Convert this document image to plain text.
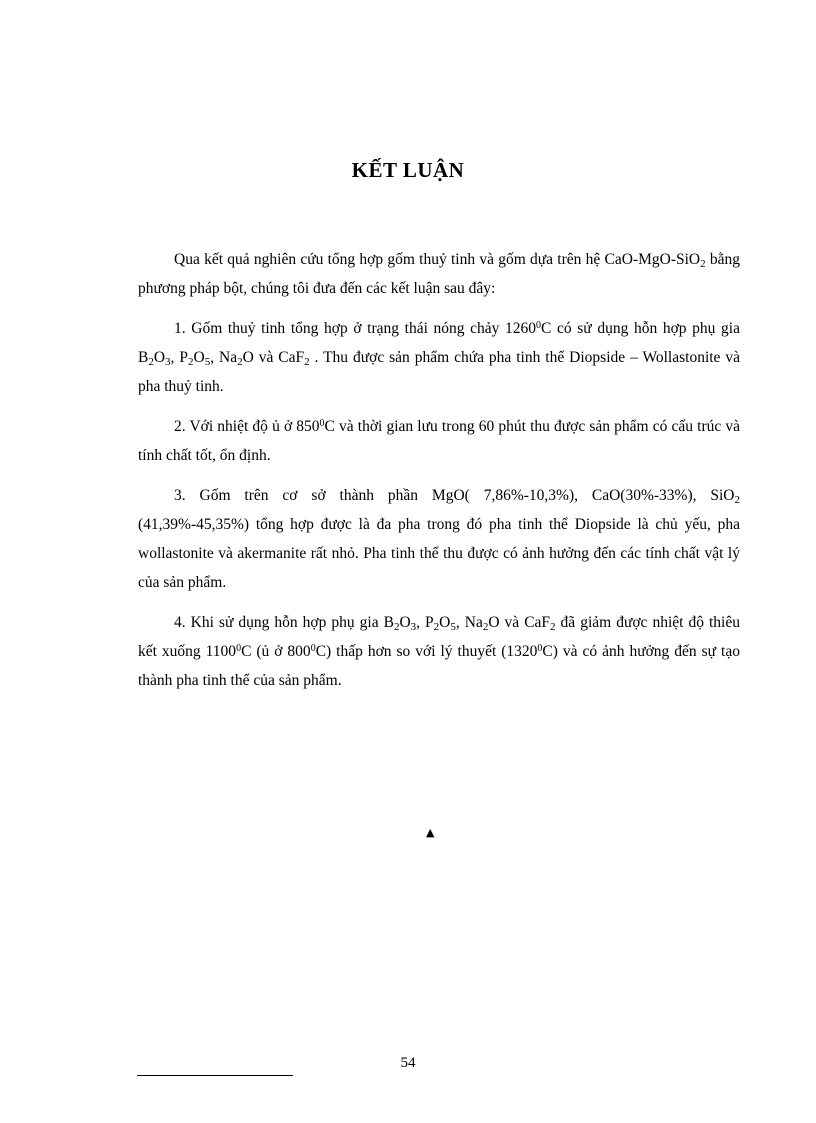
KẾT LUẬN

Qua kết quả nghiên cứu tổng hợp gốm thuỷ tinh và gốm dựa trên hệ CaO-MgO-SiO$_2$ bằng phương pháp bột, chúng tôi đưa đến các kết luận sau đây:

1. Gốm thuỷ tinh tổng hợp ở trạng thái nóng chảy 1260$^0$C có sử dụng hỗn hợp phụ gia $B_2O_3$, $P_2O_5$, $Na_2O$ và CaF$_2$ . Thu được sản phẩm chứa pha tinh thể Diopside – Wollastonite và pha thuỷ tinh.

2. Với nhiệt độ ủ ở $850^0C$ và thời gian lưu trong 60 phút thu được sản phẩm có cấu trúc và tính chất tốt, ổn định.

3. Gốm trên cơ sở thành phần MgO( 7,86%-10,3%), CaO(30%-33%), SiO$_2$ (41,39%-45,35%) tổng hợp được là đa pha trong đó pha tinh thể Diopside là chủ yếu, pha wollastonite và akermanite rất nhỏ. Pha tinh thể thu được có ảnh hưởng đến các tính chất vật lý của sản phẩm.

4. Khi sử dụng hỗn hợp phụ gia $B_2O_3$, $P_2O_5$, $Na_2O$ và CaF$_2$ đã giảm được nhiệt độ thiêu kết xuống 1100$^0$C (ủ ở $800^0C$) thấp hơn so với lý thuyết (1320$^0$C) và có ảnh hưởng đến sự tạo thành pha tinh thể của sản phẩm.

▲
54
